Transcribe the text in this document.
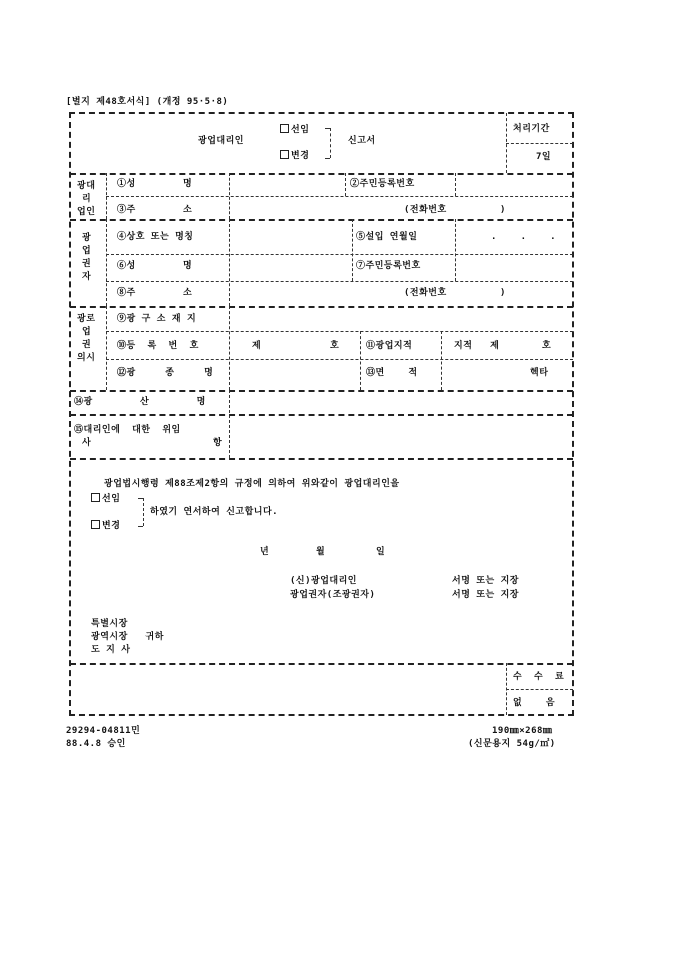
[별지 제48호서식] (개정 95·5·8)
광업대리인
선임
변경
신고서
처리기간
7일
광대
리
업인
①성        명	②주민등록번호
③주        소	(전화번호         )
광
업
권
자
④상호 또는 명칭	⑤설입 연월일	.    .    .
⑥성        명	⑦주민등록번호
⑧주        소	(전화번호         )
광로
업
권
의시
⑨광 구 소 재 지
⑩등  록  번  호	제	호	⑪광업지적	지적   제	호
⑫광     종     명	⑬면    적	헥타
⑭광        산        명
⑮대리인에  대한  위임
사	항
광업법시행령 제88조제2항의 규정에 의하여 위와같이 광업대리인을
선임
변경
하였기 연서하여 신고합니다.
년	월	일
(신)광업대리인	서명 또는 지장
광업권자(조광권자)	서명 또는 지장
특별시장
광역시장   귀하
도 지 사
수  수  료
없    음
29294-04811민
88.4.8 승인
190㎜×268㎜
(신문용지 54g/㎡)
